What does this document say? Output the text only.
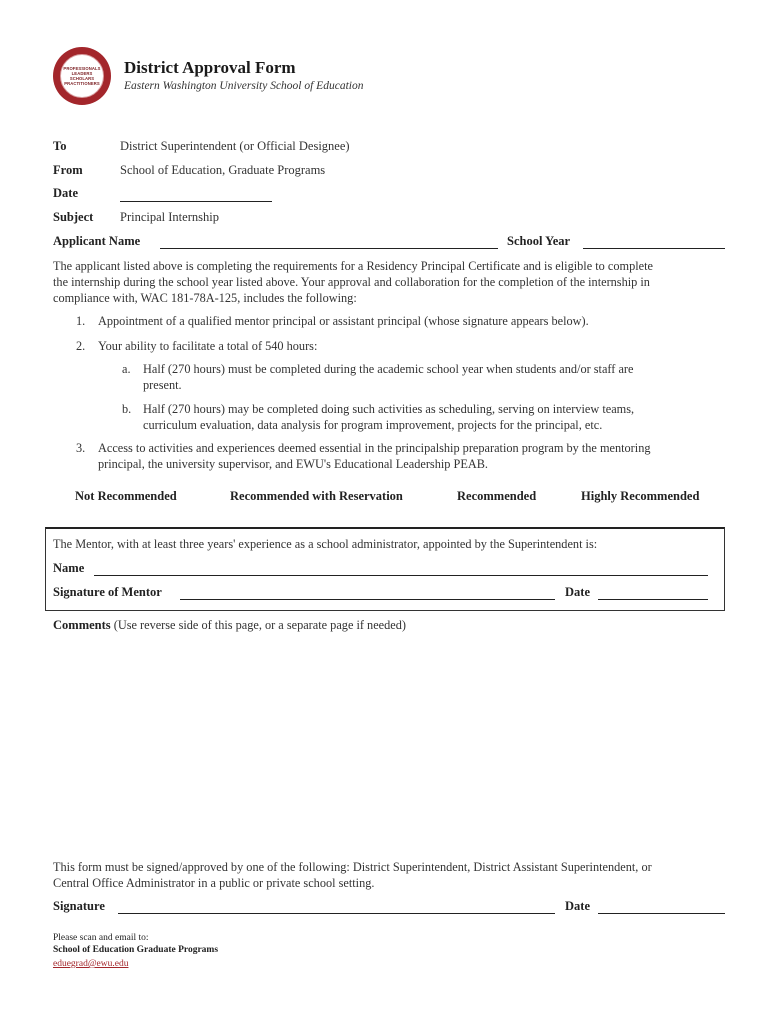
PROFESSIONALS
LEADERS
SCHOLARS
PRACTITIONERS
District Approval Form
Eastern Washington University School of Education
To	District Superintendent (or Official Designee)
From	School of Education, Graduate Programs
Date
Subject Principal Internship
Applicant Name	School Year
The applicant listed above is completing the requirements for a Residency Principal Certificate and is eligible to complete
the internship during the school year listed above. Your approval and collaboration for the completion of the internship in
compliance with, WAC 181-78A-125, includes the following:
1. Appointment of a qualified mentor principal or assistant principal (whose signature appears below).
2. Your ability to facilitate a total of 540 hours:
a. Half (270 hours) must be completed during the academic school year when students and/or staff are
present.
b. Half (270 hours) may be completed doing such activities as scheduling, serving on interview teams,
curriculum evaluation, data analysis for program improvement, projects for the principal, etc.
3. Access to activities and experiences deemed essential in the principalship preparation program by the mentoring
principal, the university supervisor, and EWU's Educational Leadership PEAB.
Not Recommended	Recommended with Reservation	Recommended	Highly Recommended
The Mentor, with at least three years' experience as a school administrator, appointed by the Superintendent is:
Name
Signature of Mentor	Date
Comments (Use reverse side of this page, or a separate page if needed)
This form must be signed/approved by one of the following: District Superintendent, District Assistant Superintendent, or
Central Office Administrator in a public or private school setting.
Signature	Date
Please scan and email to:
School of Education Graduate Programs
eduegrad@ewu.edu
